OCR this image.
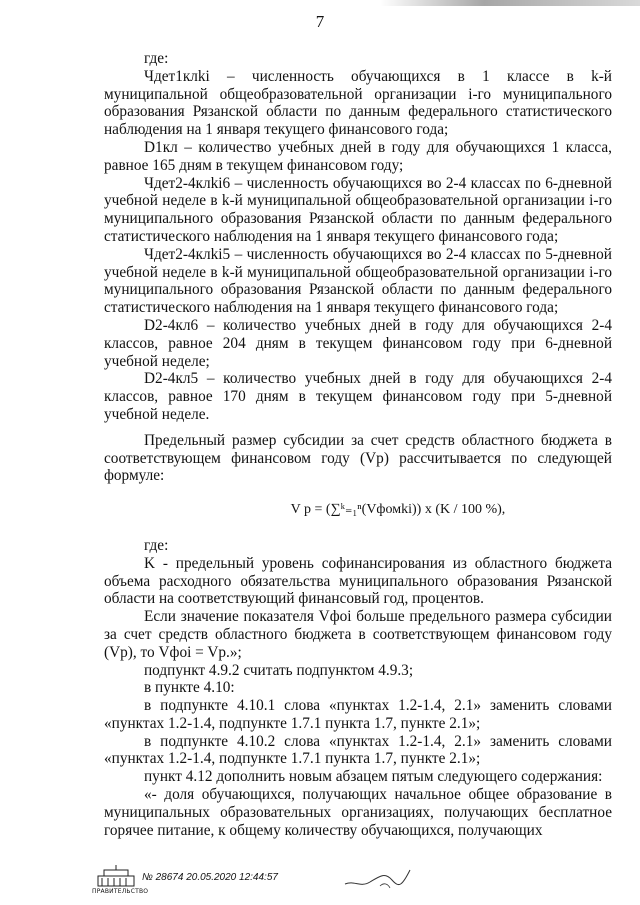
7

где:

Чдет1клki – численность обучающихся в 1 классе в k-й муниципальной общеобразовательной организации i-го муниципального образования Рязанской области по данным федерального статистического наблюдения на 1 января текущего финансового года;

D1кл – количество учебных дней в году для обучающихся 1 класса, равное 165 дням в текущем финансовом году;

Чдет2-4клki6 – численность обучающихся во 2-4 классах по 6-дневной учебной неделе в k-й муниципальной общеобразовательной организации i-го муниципального образования Рязанской области по данным федерального статистического наблюдения на 1 января текущего финансового года;

Чдет2-4клki5 – численность обучающихся во 2-4 классах по 5-дневной учебной неделе в k-й муниципальной общеобразовательной организации i-го муниципального образования Рязанской области по данным федерального статистического наблюдения на 1 января текущего финансового года;

D2-4кл6 – количество учебных дней в году для обучающихся 2-4 классов, равное 204 дням в текущем финансовом году при 6-дневной учебной неделе;

D2-4кл5 – количество учебных дней в году для обучающихся 2-4 классов, равное 170 дням в текущем финансовом году при 5-дневной учебной неделе.

Предельный размер субсидии за счет средств областного бюджета в соответствующем финансовом году (Vp) рассчитывается по следующей формуле:

V p = (∑ᵏ₌₁ⁿ(Vфомki)) x (K / 100 %),

где:

K - предельный уровень софинансирования из областного бюджета объема расходного обязательства муниципального образования Рязанской области на соответствующий финансовый год, процентов.

Если значение показателя Vфоi больше предельного размера субсидии за счет средств областного бюджета в соответствующем финансовом году (Vp), то Vфоi = Vp.»;

подпункт 4.9.2 считать подпунктом 4.9.3;

в пункте 4.10:

в подпункте 4.10.1 слова «пунктах 1.2-1.4, 2.1» заменить словами «пунктах 1.2-1.4, подпункте 1.7.1 пункта 1.7, пункте 2.1»;

в подпункте 4.10.2 слова «пунктах 1.2-1.4, 2.1» заменить словами «пунктах 1.2-1.4, подпункте 1.7.1 пункта 1.7, пункте 2.1»;

пункт 4.12 дополнить новым абзацем пятым следующего содержания:

«- доля обучающихся, получающих начальное общее образование в муниципальных образовательных организациях, получающих бесплатное горячее питание, к общему количеству обучающихся, получающих

ПРАВИТЕЛЬСТВО
№ 28674 20.05.2020 12:44:57
